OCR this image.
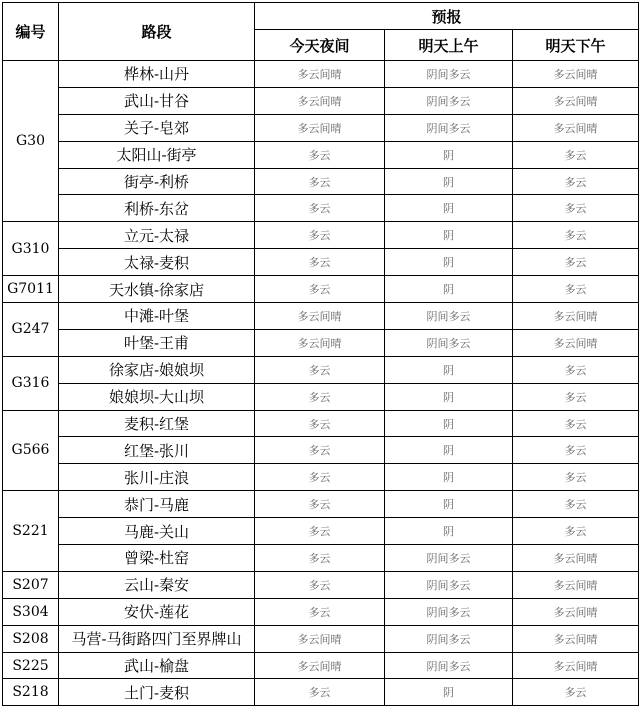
编号	路段	预报		
		今天夜间	明天上午	明天下午
G30	桦林-山丹	多云间晴	阴间多云	多云间晴
	武山-甘谷	多云间晴	阴间多云	多云间晴
	关子-皂郊	多云间晴	阴间多云	多云间晴
	太阳山-街亭	多云	阴	多云
	街亭-利桥	多云	阴	多云
	利桥-东岔	多云	阴	多云
G310	立元-太禄	多云	阴	多云
	太禄-麦积	多云	阴	多云
G7011	天水镇-徐家店	多云	阴	多云
G247	中滩-叶堡	多云间晴	阴间多云	多云间晴
	叶堡-王甫	多云间晴	阴间多云	多云间晴
G316	徐家店-娘娘坝	多云	阴	多云
	娘娘坝-大山坝	多云	阴	多云
G566	麦积-红堡	多云	阴	多云
	红堡-张川	多云	阴	多云
	张川-庄浪	多云	阴	多云
S221	恭门-马鹿	多云	阴	多云
	马鹿-关山	多云	阴	多云
	曾梁-杜窑	多云	阴间多云	多云间晴
S207	云山-秦安	多云	阴间多云	多云间晴
S304	安伏-莲花	多云	阴间多云	多云间晴
S208	马营-马街路四门至界牌山	多云间晴	阴间多云	多云间晴
S225	武山-榆盘	多云间晴	阴间多云	多云间晴
S218	土门-麦积	多云	阴	多云
